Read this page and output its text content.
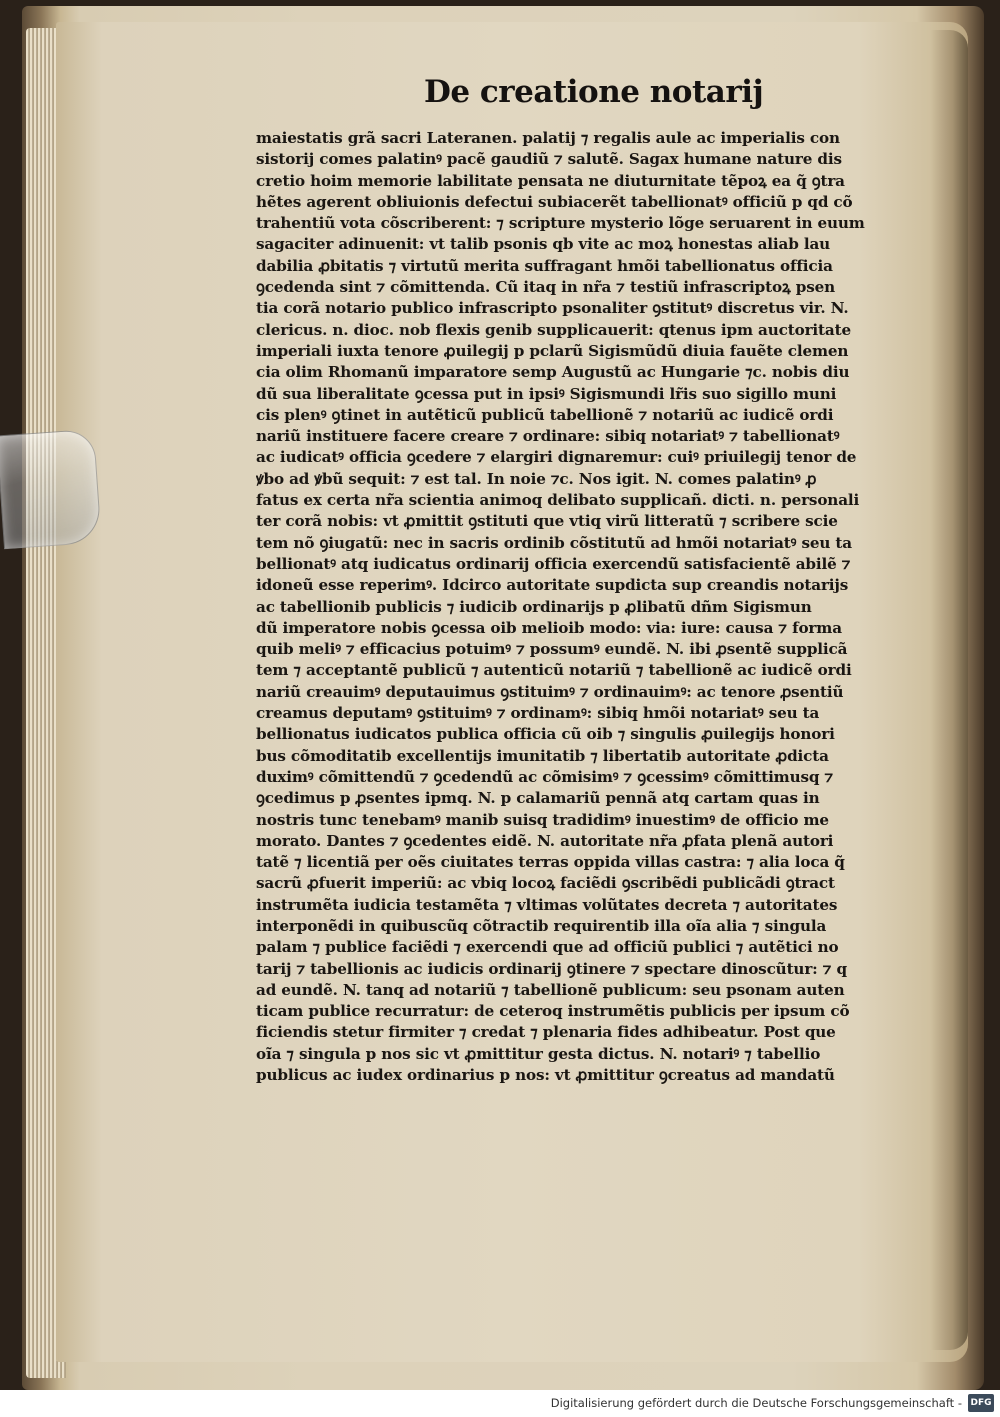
De creatione notarij
maiestatis grã sacri Lateranen. palatij ⁊ regalis aule ac imperialis con
sistorij comes palatinꝰ pacẽ gaudiũ ⁊ salutẽ. Sagax humane nature dis
cretio hoim memorie labilitate pensata ne diuturnitate tẽpoꝝ ea q̃ ꝯtra
hẽtes agerent obliuionis defectui subiacerẽt tabellionatꝰ officiũ p qd cõ
trahentiũ vota cõscriberent: ⁊ scripture mysterio lõge seruarent in euum
sagaciter adinuenit: vt talib psonis qb vite ac moꝝ honestas aliab lau
dabilia ꝓbitatis ⁊ virtutũ merita suffragant hmõi tabellionatus officia
ꝯcedenda sint ⁊ cõmittenda. Cũ itaq in nr̃a ⁊ testiũ infrascriptoꝝ psen
tia corã notario publico infrascripto psonaliter ꝯstitutꝰ discretus vir. N.
clericus. n. dioc. nob flexis genib supplicauerit: qtenus ipm auctoritate
imperiali iuxta tenore ꝓuilegij p pclarũ Sigismũdũ diuia fauẽte clemen
cia olim Rhomanũ imparatore semp Augustũ ac Hungarie ⁊c. nobis diu
dũ sua liberalitate ꝯcessa put in ipsiꝰ Sigismundi lr̃is suo sigillo muni
cis plenꝰ ꝯtinet in autẽticũ publicũ tabellionẽ ⁊ notariũ ac iudicẽ ordi
nariũ instituere facere creare ⁊ ordinare: sibiq notariatꝰ ⁊ tabellionatꝰ
ac iudicatꝰ officia ꝯcedere ⁊ elargiri dignaremur: cuiꝰ priuilegij tenor de
ꝟbo ad ꝟbũ sequit: ⁊ est tal. In noie ⁊c. Nos igit. N. comes palatinꝰ ꝓ
fatus ex certa nr̃a scientia animoq delibato supplicañ. dicti. n. personali
ter corã nobis: vt ꝓmittit ꝯstituti que vtiq virũ litteratũ ⁊ scribere scie
tem nõ ꝯiugatũ: nec in sacris ordinib cõstitutũ ad hmõi notariatꝰ seu ta
bellionatꝰ atq iudicatus ordinarij officia exercendũ satisfacientẽ abilẽ ⁊
idoneũ esse reperimꝰ. Idcirco autoritate supdicta sup creandis notarijs
ac tabellionib publicis ⁊ iudicib ordinarijs p ꝓlibatũ dñm Sigismun
dũ imperatore nobis ꝯcessa oib melioib modo: via: iure: causa ⁊ forma
quib meliꝰ ⁊ efficacius potuimꝰ ⁊ possumꝰ eundẽ. N. ibi ꝓsentẽ supplicã
tem ⁊ acceptantẽ publicũ ⁊ autenticũ notariũ ⁊ tabellionẽ ac iudicẽ ordi
nariũ creauimꝰ deputauimus ꝯstituimꝰ ⁊ ordinauimꝰ: ac tenore ꝓsentiũ
creamus deputamꝰ ꝯstituimꝰ ⁊ ordinamꝰ: sibiq hmõi notariatꝰ seu ta
bellionatus iudicatos publica officia cũ oib ⁊ singulis ꝓuilegijs honori
bus cõmoditatib excellentijs imunitatib ⁊ libertatib autoritate ꝓdicta
duximꝰ cõmittendũ ⁊ ꝯcedendũ ac cõmisimꝰ ⁊ ꝯcessimꝰ cõmittimusq ⁊
ꝯcedimus p ꝓsentes ipmq. N. p calamariũ pennã atq cartam quas in
nostris tunc tenebamꝰ manib suisq tradidimꝰ inuestimꝰ de officio me
morato. Dantes ⁊ ꝯcedentes eidẽ. N. autoritate nr̃a ꝓfata plenã autori
tatẽ ⁊ licentiã per oẽs ciuitates terras oppida villas castra: ⁊ alia loca q̃
sacrũ ꝓfuerit imperiũ: ac vbiq locoꝝ faciẽdi ꝯscribẽdi publicãdi ꝯtract
instrumẽta iudicia testamẽta ⁊ vltimas volũtates decreta ⁊ autoritates
interponẽdi in quibuscũq cõtractib requirentib illa oĩa alia ⁊ singula
palam ⁊ publice faciẽdi ⁊ exercendi que ad officiũ publici ⁊ autẽtici no
tarij ⁊ tabellionis ac iudicis ordinarij ꝯtinere ⁊ spectare dinoscũtur: ⁊ q
ad eundẽ. N. tanq ad notariũ ⁊ tabellionẽ publicum: seu psonam auten
ticam publice recurratur: de ceteroq instrumẽtis publicis per ipsum cõ
ficiendis stetur firmiter ⁊ credat ⁊ plenaria fides adhibeatur. Post que
oĩa ⁊ singula p nos sic vt ꝓmittitur gesta dictus. N. notariꝰ ⁊ tabellio
publicus ac iudex ordinarius p nos: vt ꝓmittitur ꝯcreatus ad mandatũ
Digitalisierung gefördert durch die Deutsche Forschungsgemeinschaft - DFG
